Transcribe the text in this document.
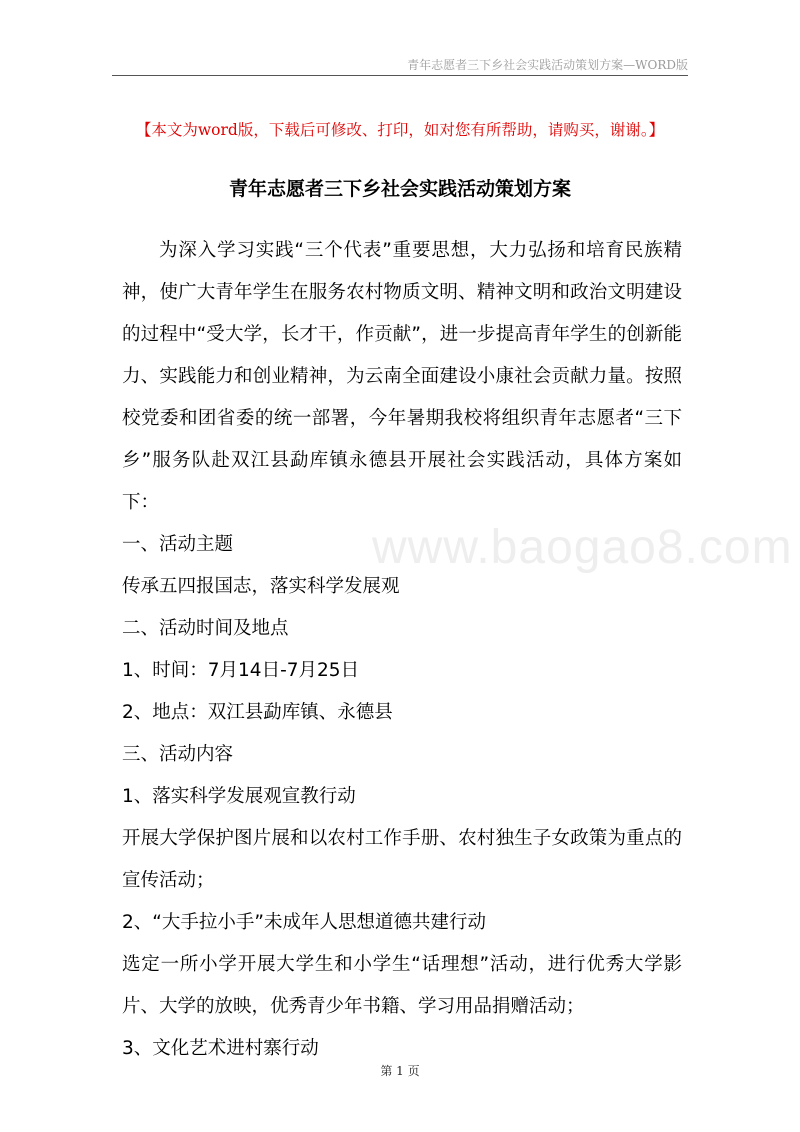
青年志愿者三下乡社会实践活动策划方案—WORD版
【本文为word版，下载后可修改、打印，如对您有所帮助，请购买，谢谢。】
青年志愿者三下乡社会实践活动策划方案
www.baogao8.com

为深入学习实践“三个代表”重要思想，大力弘扬和培育民族精神，使广大青年学生在服务农村物质文明、精神文明和政治文明建设的过程中“受大学，长才干，作贡献”，进一步提高青年学生的创新能力、实践能力和创业精神，为云南全面建设小康社会贡献力量。按照校党委和团省委的统一部署，今年暑期我校将组织青年志愿者“三下乡”服务队赴双江县勐库镇永德县开展社会实践活动，具体方案如下：

一、活动主题

传承五四报国志，落实科学发展观

二、活动时间及地点

1、时间：7月14日-7月25日

2、地点：双江县勐库镇、永德县

三、活动内容

1、落实科学发展观宣教行动

开展大学保护图片展和以农村工作手册、农村独生子女政策为重点的宣传活动；

2、“大手拉小手”未成年人思想道德共建行动

选定一所小学开展大学生和小学生“话理想”活动，进行优秀大学影片、大学的放映，优秀青少年书籍、学习用品捐赠活动；

3、文化艺术进村寨行动

第 1 页
